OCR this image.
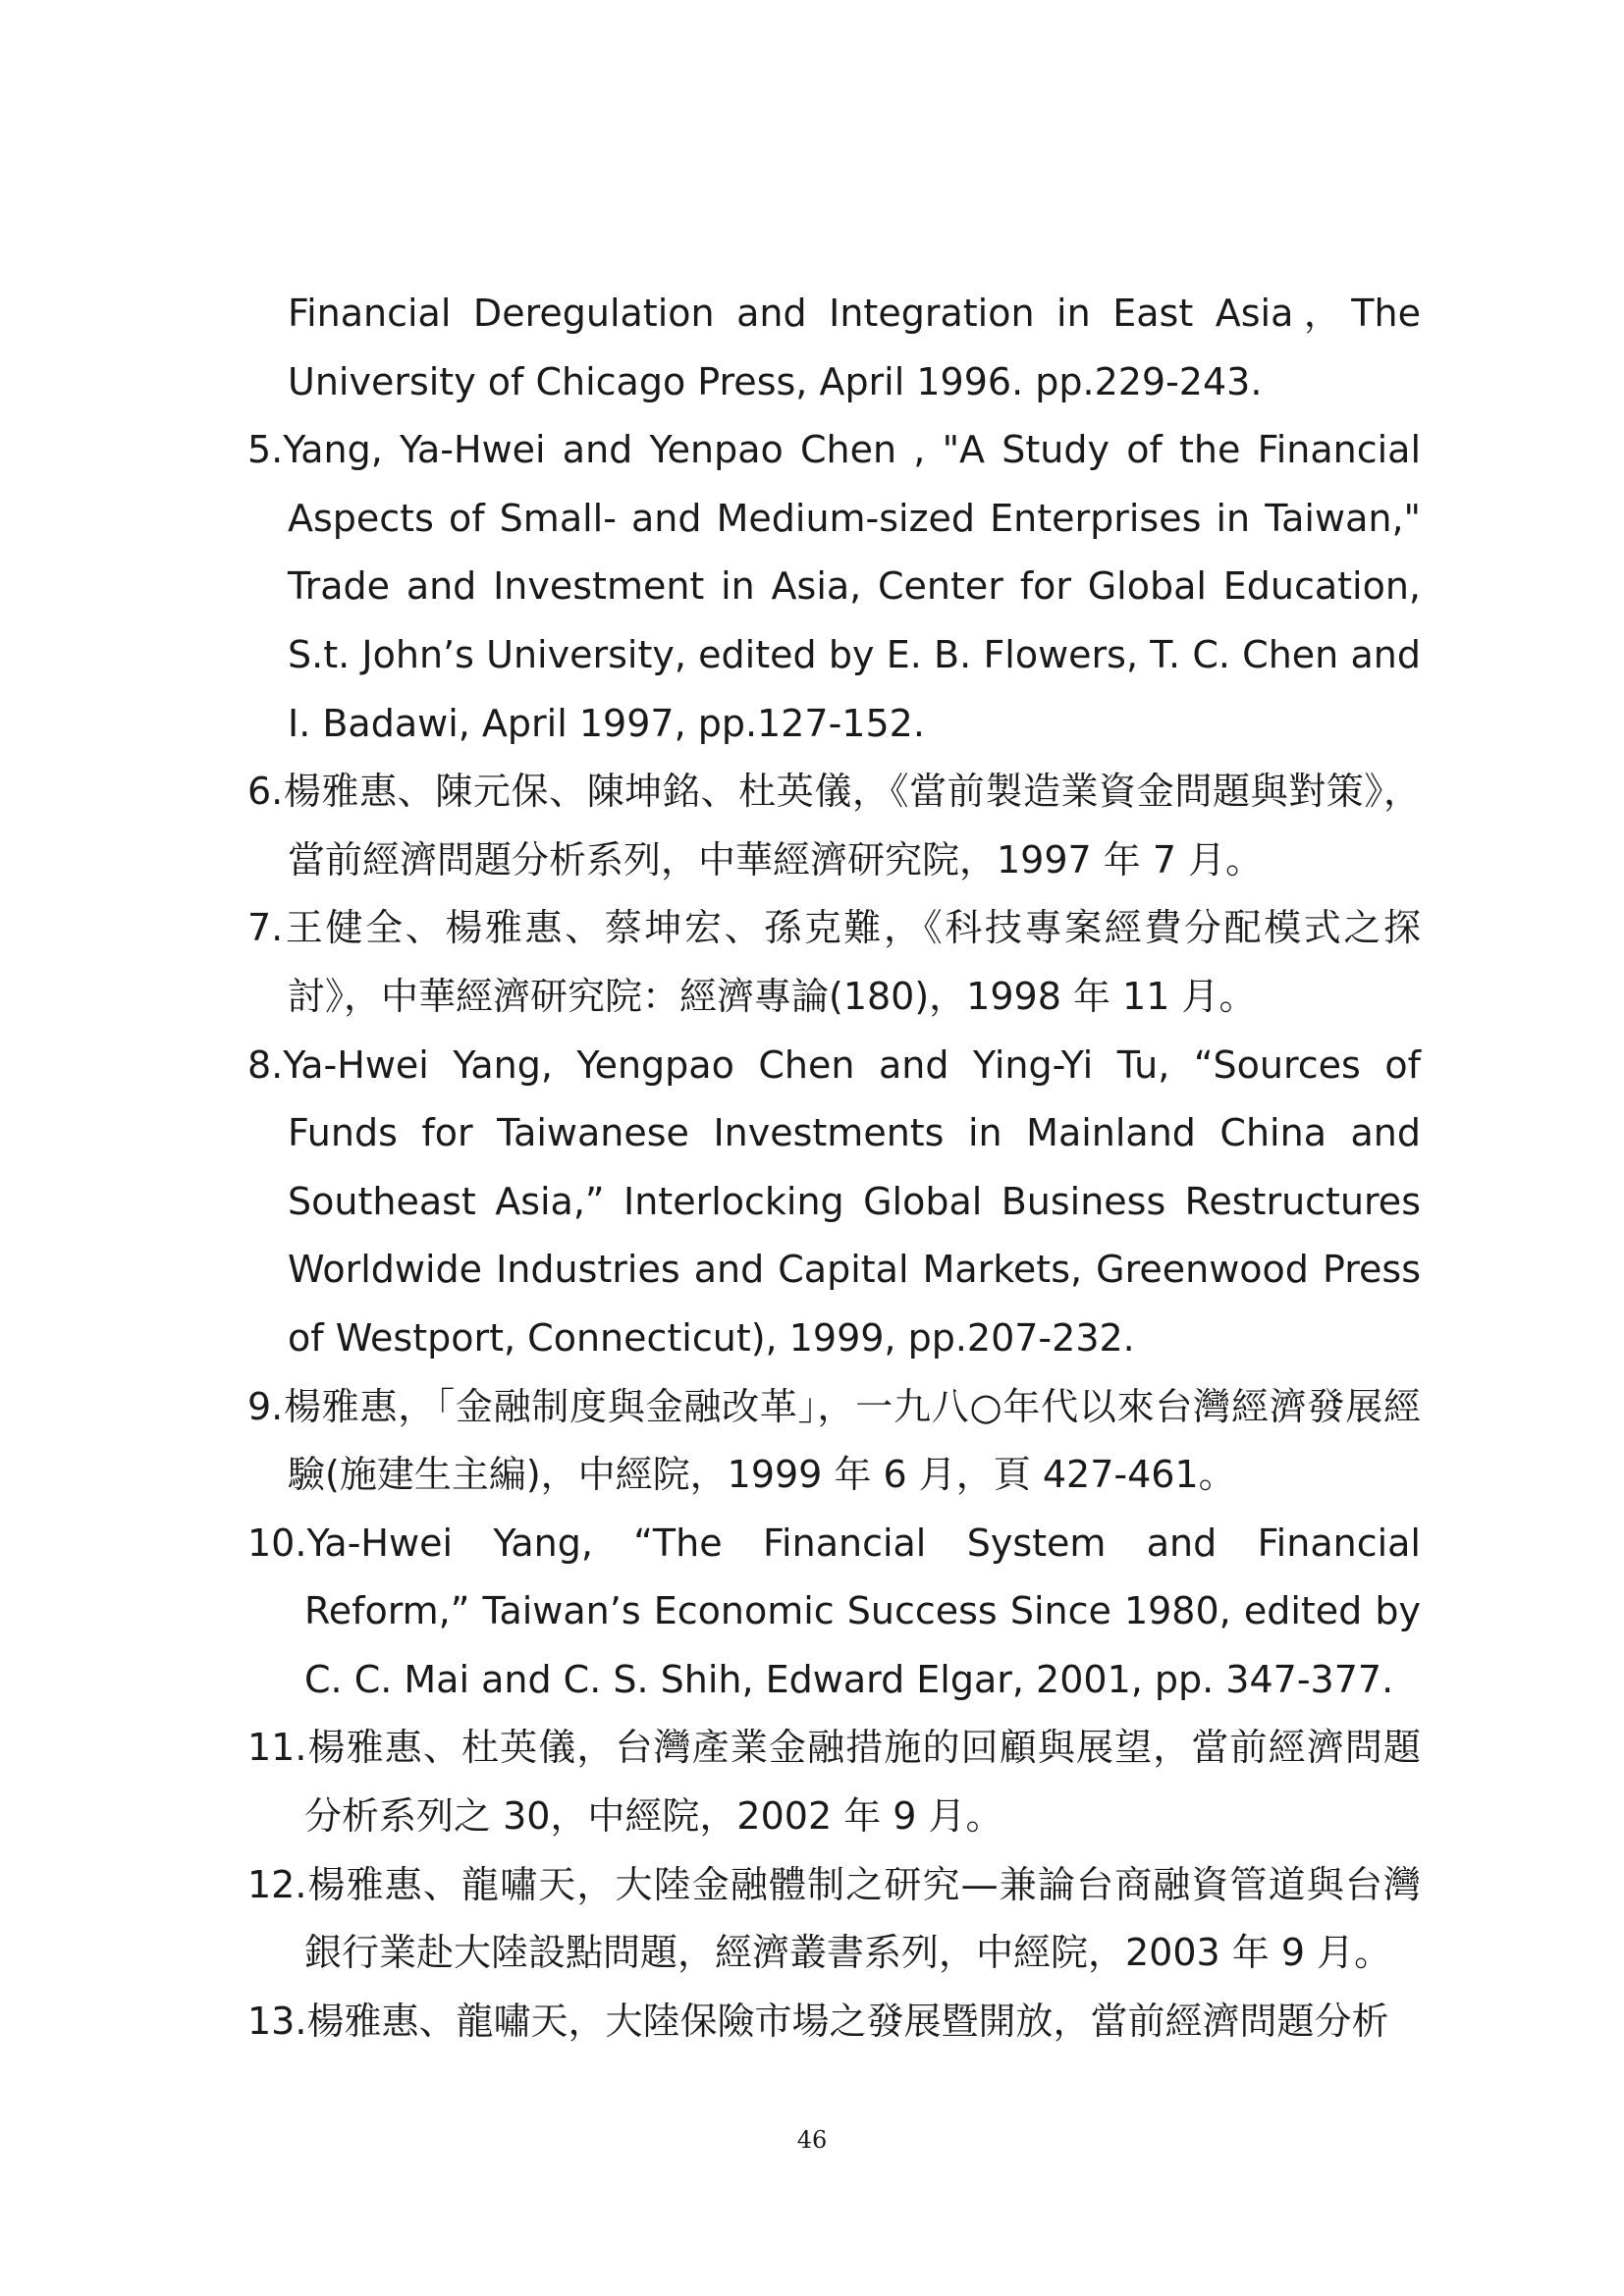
Financial Deregulation and Integration in East Asia，The University of Chicago Press, April 1996. pp.229-243.
5.Yang, Ya-Hwei and Yenpao Chen , "A Study of the Financial Aspects of Small- and Medium-sized Enterprises in Taiwan," Trade and Investment in Asia, Center for Global Education, S.t. John’s University, edited by E. B. Flowers, T. C. Chen and I. Badawi, April 1997, pp.127-152.
6.楊雅惠、陳元保、陳坤銘、杜英儀，《當前製造業資金問題與對策》，當前經濟問題分析系列，中華經濟研究院，1997 年 7 月。
7.王健全、楊雅惠、蔡坤宏、孫克難，《科技專案經費分配模式之探討》，中華經濟研究院：經濟專論(180)，1998 年 11 月。
8.Ya-Hwei Yang, Yengpao Chen and Ying-Yi Tu, “Sources of Funds for Taiwanese Investments in Mainland China and Southeast Asia,” Interlocking Global Business Restructures Worldwide Industries and Capital Markets, Greenwood Press of Westport, Connecticut), 1999, pp.207-232.
9.楊雅惠，「金融制度與金融改革」，一九八○年代以來台灣經濟發展經驗(施建生主編)，中經院，1999 年 6 月，頁 427-461。
10.Ya-Hwei Yang, “The Financial System and Financial Reform,” Taiwan’s Economic Success Since 1980, edited by C. C. Mai and C. S. Shih, Edward Elgar, 2001, pp. 347-377.
11.楊雅惠、杜英儀，台灣產業金融措施的回顧與展望，當前經濟問題分析系列之 30，中經院，2002 年 9 月。
12.楊雅惠、龍嘯天，大陸金融體制之研究—兼論台商融資管道與台灣銀行業赴大陸設點問題，經濟叢書系列，中經院，2003 年 9 月。
13.楊雅惠、龍嘯天，大陸保險市場之發展暨開放，當前經濟問題分析
46
